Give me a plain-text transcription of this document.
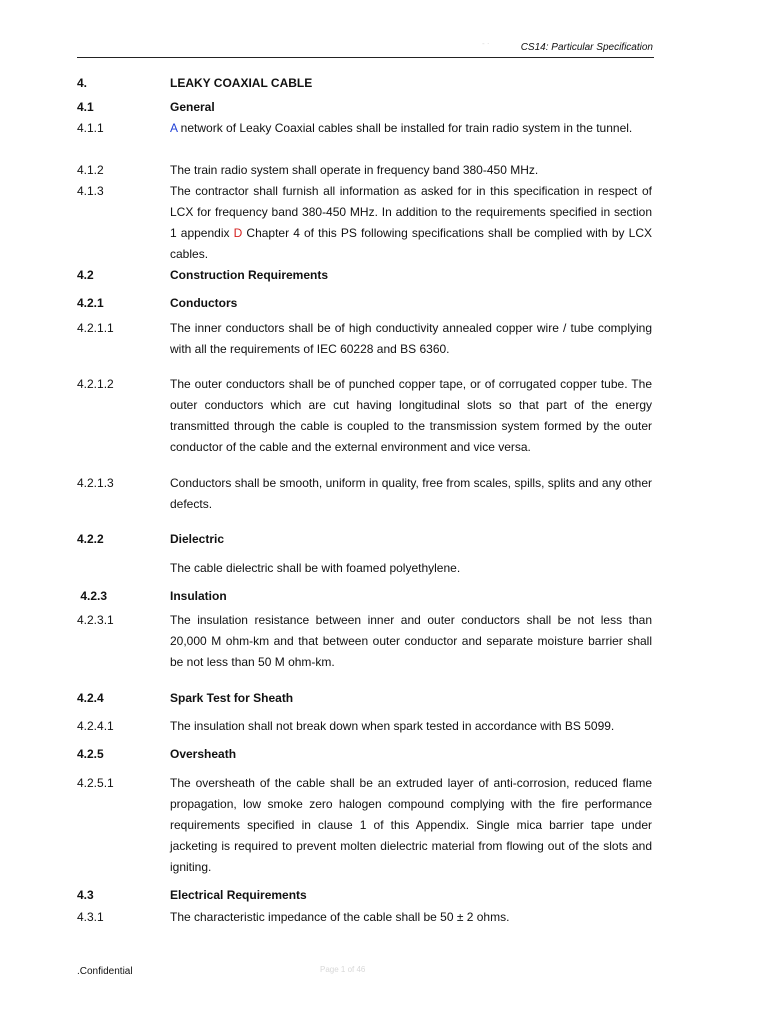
- ·	CS14: Particular Specification
4.	LEAKY COAXIAL CABLE
4.1	General
4.1.1	A network of Leaky Coaxial cables shall be installed for train radio system in the tunnel.
4.1.2	The train radio system shall operate in frequency band 380-450 MHz.
4.1.3	The contractor shall furnish all information as asked for in this specification in respect of LCX for frequency band 380-450 MHz. In addition to the requirements specified in section 1 appendix D Chapter 4 of this PS following specifications shall be complied with by LCX cables.
4.2	Construction Requirements
4.2.1	Conductors
4.2.1.1	The inner conductors shall be of high conductivity annealed copper wire / tube complying with all the requirements of IEC 60228 and BS 6360.
4.2.1.2	The outer conductors shall be of punched copper tape, or of corrugated copper tube. The outer conductors which are cut having longitudinal slots so that part of the energy transmitted through the cable is coupled to the transmission system formed by the outer conductor of the cable and the external environment and vice versa.
4.2.1.3	Conductors shall be smooth, uniform in quality, free from scales, spills, splits and any other defects.
4.2.2	Dielectric
The cable dielectric shall be with foamed polyethylene.
4.2.3	Insulation
4.2.3.1	The insulation resistance between inner and outer conductors shall be not less than 20,000 M ohm-km and that between outer conductor and separate moisture barrier shall be not less than 50 M ohm-km.
4.2.4	Spark Test for Sheath
4.2.4.1	The insulation shall not break down when spark tested in accordance with BS 5099.
4.2.5	Oversheath
4.2.5.1	The oversheath of the cable shall be an extruded layer of anti-corrosion, reduced flame propagation, low smoke zero halogen compound complying with the fire performance requirements specified in clause 1 of this Appendix. Single mica barrier tape under jacketing is required to prevent molten dielectric material from flowing out of the slots and igniting.
4.3	Electrical Requirements
4.3.1	The characteristic impedance of the cable shall be 50 ± 2 ohms.
.Confidential	Page 1 of 46
